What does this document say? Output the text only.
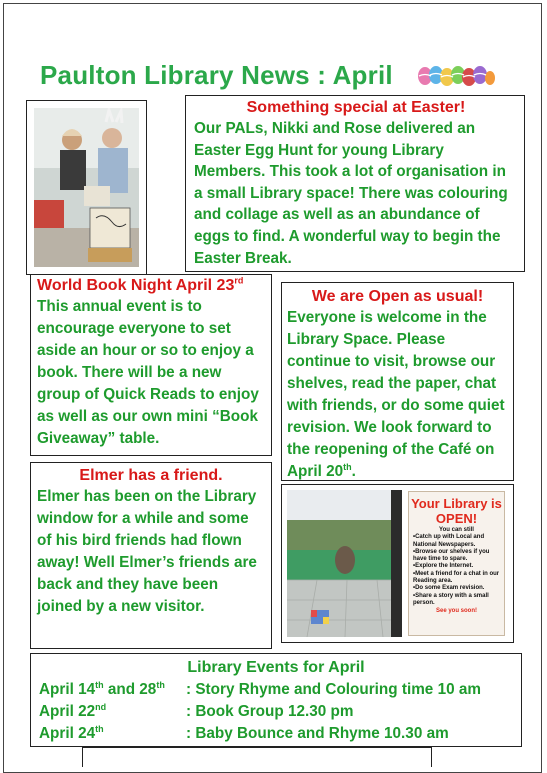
Paulton Library News : April

Something special at Easter!

Our PALs, Nikki and Rose delivered an Easter Egg Hunt for young Library Members. This took a lot of organisation in a small Library space! There was colouring and collage as well as an abundance of eggs to find. A wonderful way to begin the Easter Break.

World Book Night April 23rd

This annual event is to encourage everyone to set aside an hour or so to enjoy a book. There will be a new group of Quick Reads to enjoy as well as our own mini “Book Giveaway” table.

We are Open as usual!

Everyone is welcome in the Library Space. Please continue to visit, browse our shelves, read the paper, chat with friends, or do some quiet revision. We look forward to the reopening of the Café on April 20th.

Elmer has a friend.

Elmer has been on the Library window for a while and some of his bird friends had flown away! Well Elmer’s friends are back and they have been joined by a new visitor.

Your Library is
OPEN!
You can still
•Catch up with Local and National Newspapers.
•Browse our shelves if you have time to spare.
•Explore the Internet.
•Meet a friend for a chat in our Reading area.
•Do some Exam revision.
•Share a story with a small person.
See you soon!

Library Events for April

April 14th and 28th : Story Rhyme and Colouring time 10 am
April 22nd	: Book Group 12.30 pm
April 24th	: Baby Bounce and Rhyme 10.30 am
